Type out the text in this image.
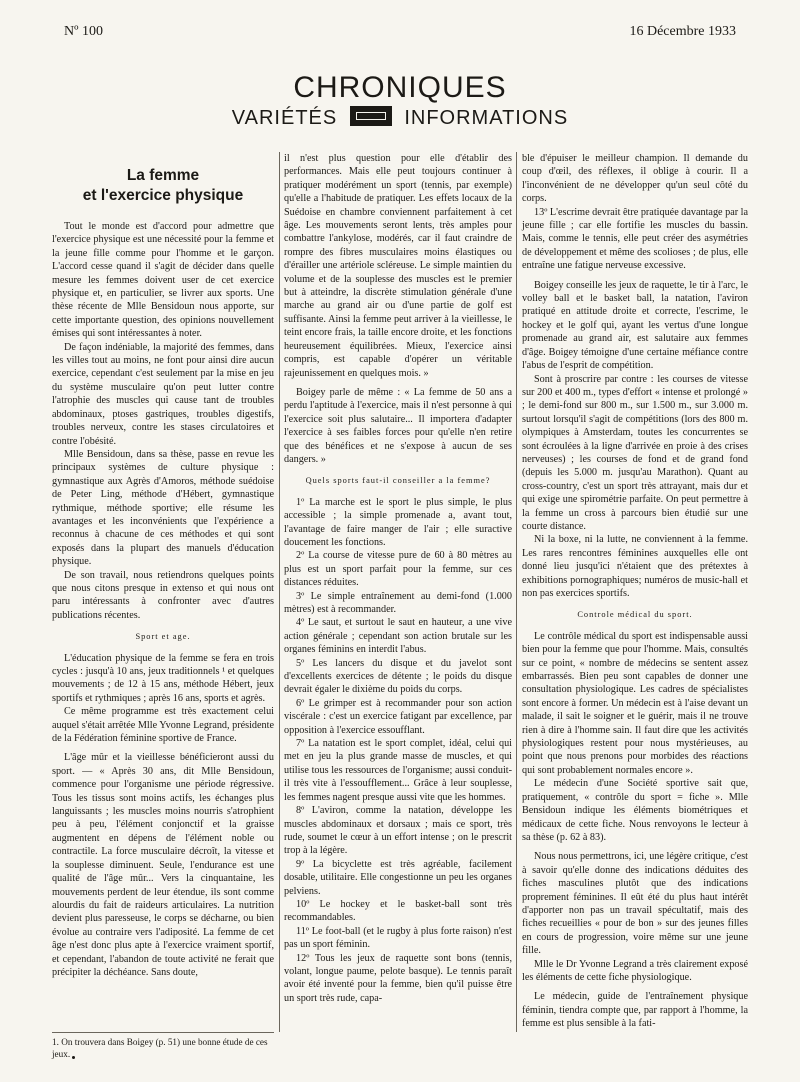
Nº 100	16 Décembre 1933
CHRONIQUES
VARIÉTÉS	INFORMATIONS
La femme
et l'exercice physique

Tout le monde est d'accord pour admettre que l'exercice physique est une nécessité pour la femme et la jeune fille comme pour l'homme et le garçon. L'accord cesse quand il s'agit de décider dans quelle mesure les femmes doivent user de cet exercice physique et, en particulier, se livrer aux sports. Une thèse récente de Mlle Bensidoun nous apporte, sur cette importante question, des opinions nouvellement émises qui sont intéressantes à noter.

De façon indéniable, la majorité des femmes, dans les villes tout au moins, ne font pour ainsi dire aucun exercice, cependant c'est seulement par la mise en jeu du système musculaire qu'on peut lutter contre l'atrophie des muscles qui cause tant de troubles abdominaux, ptoses gastriques, troubles digestifs, troubles nerveux, contre les stases circulatoires et contre l'obésité.

Mlle Bensidoun, dans sa thèse, passe en revue les principaux systèmes de culture physique : gymnastique aux Agrès d'Amoros, méthode suédoise de Peter Ling, méthode d'Hébert, gymnastique rythmique, méthode sportive; elle résume les avantages et les inconvénients que l'expérience a reconnus à chacune de ces méthodes et qui sont exposés dans la plupart des manuels d'éducation physique.

De son travail, nous retiendrons quelques points que nous citons presque in extenso et qui nous ont paru intéressants à confronter avec d'autres publications récentes.

Sport et age.

L'éducation physique de la femme se fera en trois cycles : jusqu'à 10 ans, jeux traditionnels ¹ et quelques mouvements ; de 12 à 15 ans, méthode Hébert, jeux sportifs et rythmiques ; après 16 ans, sports et agrès.

Ce même programme est très exactement celui auquel s'était arrêtée Mlle Yvonne Legrand, présidente de la Fédération féminine sportive de France.

L'âge mûr et la vieillesse bénéficieront aussi du sport. — « Après 30 ans, dit Mlle Bensidoun, commence pour l'organisme une période régressive. Tous les tissus sont moins actifs, les échanges plus languissants ; les muscles moins nourris s'atrophient peu à peu, l'élément conjonctif et la graisse augmentent en dépens de l'élément noble ou contractile. La force musculaire décroît, la vitesse et la souplesse diminuent. Seule, l'endurance est une qualité de l'âge mûr... Vers la cinquantaine, les mouvements perdent de leur étendue, ils sont comme alourdis du fait de raideurs articulaires. La nutrition devient plus paresseuse, le corps se décharne, ou bien évolue au contraire vers l'adiposité. La femme de cet âge n'est donc plus apte à l'exercice vraiment sportif, et cependant, l'abandon de toute activité ne ferait que précipiter la déchéance. Sans doute,

1. On trouvera dans Boigey (p. 51) une bonne étude de ces jeux.

il n'est plus question pour elle d'établir des performances. Mais elle peut toujours continuer à pratiquer modérément un sport (tennis, par exemple) qu'elle a l'habitude de pratiquer. Les effets locaux de la Suédoise en chambre conviennent parfaitement à cet âge. Les mouvements seront lents, très amples pour combattre l'ankylose, modérés, car il faut craindre de rompre des fibres musculaires moins élastiques ou d'érailler une artériole scléreuse. Le simple maintien du volume et de la souplesse des muscles est le premier but à atteindre, la discrète stimulation générale d'une marche au grand air ou d'une partie de golf est suffisante. Ainsi la femme peut arriver à la vieillesse, le teint encore frais, la taille encore droite, et les fonctions heureusement équilibrées. Mieux, l'exercice ainsi compris, est capable d'opérer un véritable rajeunissement en quelques mois. »

Boigey parle de même : « La femme de 50 ans a perdu l'aptitude à l'exercice, mais il n'est personne à qui l'exercice soit plus salutaire... Il importera d'adapter l'exercice à ses faibles forces pour qu'elle n'en retire que des bénéfices et ne s'expose à aucun de ses dangers. »

Quels sports faut-il conseiller a la femme?

1º La marche est le sport le plus simple, le plus accessible ; la simple promenade a, avant tout, l'avantage de faire manger de l'air ; elle suractive doucement les fonctions.

2º La course de vitesse pure de 60 à 80 mètres au plus est un sport parfait pour la femme, sur ces distances réduites.

3º Le simple entraînement au demi-fond (1.000 mètres) est à recommander.

4º Le saut, et surtout le saut en hauteur, a une vive action générale ; cependant son action brutale sur les organes féminins en interdit l'abus.

5º Les lancers du disque et du javelot sont d'excellents exercices de détente ; le poids du disque devrait égaler le dixième du poids du corps.

6º Le grimper est à recommander pour son action viscérale : c'est un exercice fatigant par excellence, par opposition à l'exercice essoufflant.

7º La natation est le sport complet, idéal, celui qui met en jeu la plus grande masse de muscles, et qui utilise tous les ressources de l'organisme; aussi conduit-il très vite à l'essoufflement... Grâce à leur souplesse, les femmes nagent presque aussi vite que les hommes.

8º L'aviron, comme la natation, développe les muscles abdominaux et dorsaux ; mais ce sport, très rude, soumet le cœur à un effort intense ; on le prescrit trop à la légère.

9º La bicyclette est très agréable, facilement dosable, utilitaire. Elle congestionne un peu les organes pelviens.

10º Le hockey et le basket-ball sont très recommandables.

11º Le foot-ball (et le rugby à plus forte raison) n'est pas un sport féminin.

12º Tous les jeux de raquette sont bons (tennis, volant, longue paume, pelote basque). Le tennis paraît avoir été inventé pour la femme, bien qu'il puisse être un sport très rude, capa-

ble d'épuiser le meilleur champion. Il demande du coup d'œil, des réflexes, il oblige à courir. Il a l'inconvénient de ne développer qu'un seul côté du corps.

13º L'escrime devrait être pratiquée davantage par la jeune fille ; car elle fortifie les muscles du bassin. Mais, comme le tennis, elle peut créer des asymétries de développement et même des scolioses ; de plus, elle entraîne une fatigue nerveuse excessive.

Boigey conseille les jeux de raquette, le tir à l'arc, le volley ball et le basket ball, la natation, l'aviron pratiqué en attitude droite et correcte, l'escrime, le hockey et le golf qui, ayant les vertus d'une longue promenade au grand air, est salutaire aux femmes d'âge. Boigey témoigne d'une certaine méfiance contre l'abus de l'esprit de compétition.

Sont à proscrire par contre : les courses de vitesse sur 200 et 400 m., types d'effort « intense et prolongé » ; le demi-fond sur 800 m., sur 1.500 m., sur 3.000 m. surtout lorsqu'il s'agit de compétitions (lors des 800 m. olympiques à Amsterdam, toutes les concurrentes se sont écroulées à la ligne d'arrivée en proie à des crises nerveuses) ; les courses de fond et de grand fond (depuis les 5.000 m. jusqu'au Marathon). Quant au cross-country, c'est un sport très attrayant, mais dur et qui exige une spirométrie parfaite. On peut permettre à la femme un cross à parcours bien étudié sur une courte distance.

Ni la boxe, ni la lutte, ne conviennent à la femme. Les rares rencontres féminines auxquelles elle ont donné lieu jusqu'ici n'étaient que des prétextes à exhibitions pornographiques; numéros de music-hall et non pas exercices sportifs.

Controle médical du sport.

Le contrôle médical du sport est indispensable aussi bien pour la femme que pour l'homme. Mais, consultés sur ce point, « nombre de médecins se sentent assez embarrassés. Bien peu sont capables de donner une consultation physiologique. Les cadres de spécialistes sont encore à former. Un médecin est à l'aise devant un malade, il sait le soigner et le guérir, mais il ne trouve rien à dire à l'homme sain. Il faut dire que les activités physiologiques restent pour nous mystérieuses, au point que nous prenons pour morbides des réactions qui sont probablement normales encore ».

Le médecin d'une Société sportive sait que, pratiquement, « contrôle du sport = fiche ». Mlle Bensidoun indique les éléments biométriques et médicaux de cette fiche. Nous renvoyons le lecteur à sa thèse (p. 62 à 83).

Nous nous permettrons, ici, une légère critique, c'est à savoir qu'elle donne des indications déduites des fiches masculines plutôt que des indications proprement féminines. Il eût été du plus haut intérêt d'apporter non pas un travail spécultatif, mais des fiches recueillies « pour de bon » sur des jeunes filles en cours de progression, voire même sur une jeune fille.

Mlle le Dr Yvonne Legrand a très clairement exposé les éléments de cette fiche physiologique.

Le médecin, guide de l'entraînement physique féminin, tiendra compte que, par rapport à l'homme, la femme est plus sensible à la fati-
